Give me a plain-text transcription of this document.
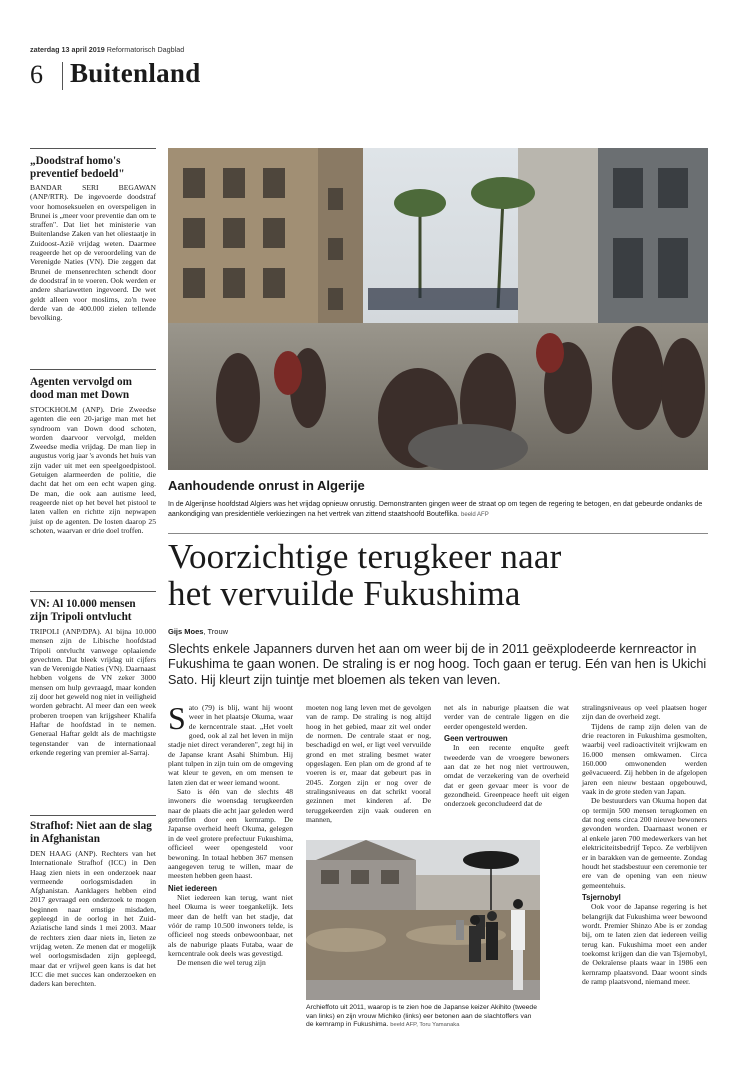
zaterdag 13 april 2019 Reformatorisch Dagblad
6 Buitenland
„Doodstraf homo's preventief bedoeld"
BANDAR SERI BEGAWAN (ANP/RTR). De ingevoerde doodstraf voor homoseksuelen en overspeligen in Brunei is „meer voor preventie dan om te straffen". Dat liet het ministerie van Buitenlandse Zaken van het oliestaatje in Zuidoost-Azië vrijdag weten. Daarmee reageerde het op de veroordeling van de Verenigde Naties (VN). Die zeggen dat Brunei de mensenrechten schendt door de doodstraf in te voeren. Ook werden er andere shariawetten ingevoerd. De wet geldt alleen voor moslims, zo'n twee derde van de 400.000 zielen tellende bevolking.
Agenten vervolgd om dood man met Down
STOCKHOLM (ANP). Drie Zweedse agenten die een 20-jarige man met het syndroom van Down dood schoten, worden daarvoor vervolgd, melden Zweedse media vrijdag. De man liep in augustus vorig jaar 's avonds het huis van zijn vader uit met een speelgoedpistool. Getuigen alarmeerden de politie, die dacht dat het om een echt wapen ging. De man, die ook aan autisme leed, reageerde niet op het bevel het pistool te laten vallen en richtte zijn nepwapen juist op de agenten. De losten daarop 25 schoten, waarvan er drie doel troffen.
VN: Al 10.000 mensen zijn Tripoli ontvlucht
TRIPOLI (ANP/DPA). Al bijna 10.000 mensen zijn de Libische hoofdstad Tripoli ontvlucht vanwege oplaaiende gevechten. Dat bleek vrijdag uit cijfers van de Verenigde Naties (VN). Daarnaast hebben volgens de VN zeker 3000 mensen om hulp gevraagd, maar konden zij door het geweld nog niet in veiligheid worden gebracht. Al meer dan een week proberen troepen van krijgsheer Khalifa Haftar de hoofdstad in te nemen. Generaal Haftar geldt als de machtigste tegenstander van de internationaal erkende regering van premier al-Sarraj.
Strafhof: Niet aan de slag in Afghanistan
DEN HAAG (ANP). Rechters van het Internationale Strafhof (ICC) in Den Haag zien niets in een onderzoek naar vermeende oorlogsmisdaden in Afghanistan. Aanklagers hebben eind 2017 gevraagd een onderzoek te mogen beginnen naar ernstige misdaden, gepleegd in de oorlog in het Zuid-Aziatische land sinds 1 mei 2003. Maar de rechters zien daar niets in, lieten ze vrijdag weten. Ze menen dat er mogelijk wel oorlogsmisdaden zijn gepleegd, maar dat er vrijwel geen kans is dat het ICC die met succes kan onderzoeken en daders kan berechten.
Aanhoudende onrust in Algerije
In de Algerijnse hoofdstad Algiers was het vrijdag opnieuw onrustig. Demonstranten gingen weer de straat op om tegen de regering te betogen, en dat gebeurde ondanks de aankondiging van presidentiële verkiezingen na het vertrek van zittend staatshoofd Bouteflika. beeld AFP
Voorzichtige terugkeer naar
het vervuilde Fukushima
Gijs Moes, Trouw
Slechts enkele Japanners durven het aan om weer bij de in 2011 geëxplodeerde kernreactor in Fukushima te gaan wonen. De straling is er nog hoog. Toch gaan er terug. Eén van hen is Ukichi Sato. Hij kleurt zijn tuintje met bloemen als teken van leven.

Sato (79) is blij, want hij woont weer in het plaatsje Okuma, waar de kerncentrale staat. „Het voelt goed, ook al zal het leven in mijn stadje niet direct veranderen", zegt hij in de Japanse krant Asahi Shimbun. Hij plant tulpen in zijn tuin om de omgeving wat kleur te geven, en om mensen te laten zien dat er weer iemand woont.

Sato is één van de slechts 48 inwoners die woensdag terugkeerden naar de plaats die acht jaar geleden werd getroffen door een kernramp. De Japanse overheid heeft Okuma, gelegen in de veel grotere prefectuur Fukushima, officieel weer opengesteld voor bewoning. In totaal hebben 367 mensen aangegeven terug te willen, maar de meesten hebben geen haast.

Niet iedereen

Niet iedereen kan terug, want niet heel Okuma is weer toegankelijk. Iets meer dan de helft van het stadje, dat vóór de ramp 10.500 inwoners telde, is officieel nog steeds onbewoonbaar, net als de naburige plaats Futaba, waar de kerncentrale ook deels was gevestigd.

De mensen die wel terug zijn

moeten nog lang leven met de gevolgen van de ramp. De straling is nog altijd hoog in het gebied, maar zit wel onder de normen. De centrale staat er nog, beschadigd en wel, er ligt veel vervuilde grond en met straling besmet water opgeslagen. Een plan om de grond af te voeren is er, maar dat gebeurt pas in 2045. Zorgen zijn er nog over de stralingsniveaus en dat schrikt vooral gezinnen met kinderen af. De teruggekeerden zijn vaak ouderen en mannen,

net als in naburige plaatsen die wat verder van de centrale liggen en die eerder opengesteld werden.

Geen vertrouwen

In een recente enquête geeft tweederde van de vroegere bewoners aan dat ze het nog niet vertrouwen, omdat de verzekering van de overheid dat er geen gevaar meer is voor de gezondheid. Greenpeace heeft uit eigen onderzoek geconcludeerd dat de

stralingsniveaus op veel plaatsen hoger zijn dan de overheid zegt.

Tijdens de ramp zijn delen van de drie reactoren in Fukushima gesmolten, waarbij veel radioactiviteit vrijkwam en 16.000 mensen omkwamen. Circa 160.000 omwonenden werden geëvacueerd. Zij hebben in de afgelopen jaren een nieuw bestaan opgebouwd, vaak in de grote steden van Japan.

De bestuurders van Okuma hopen dat op termijn 500 mensen terugkomen en dat nog eens circa 200 nieuwe bewoners gevonden worden. Daarnaast wonen er al enkele jaren 700 medewerkers van het elektriciteitsbedrijf Tepco. Ze verblijven er in barakken van de gemeente. Zondag houdt het stadsbestuur een ceremonie ter ere van de opening van een nieuw gemeentehuis.

Tsjernobyl

Ook voor de Japanse regering is het belangrijk dat Fukushima weer bewoond wordt. Premier Shinzo Abe is er zondag bij, om te laten zien dat iedereen veilig terug kan. Fukushima moet een ander toekomst krijgen dan die van Tsjernobyl, de Oekraïense plaats waar in 1986 een kernramp plaatsvond. Daar woont sinds de ramp plaatsvond, niemand meer.

Archieffoto uit 2011, waarop is te zien hoe de Japanse keizer Akihito (tweede van links) en zijn vrouw Michiko (links) eer betonen aan de slachtoffers van de kernramp in Fukushima. beeld AFP, Toru Yamanaka
